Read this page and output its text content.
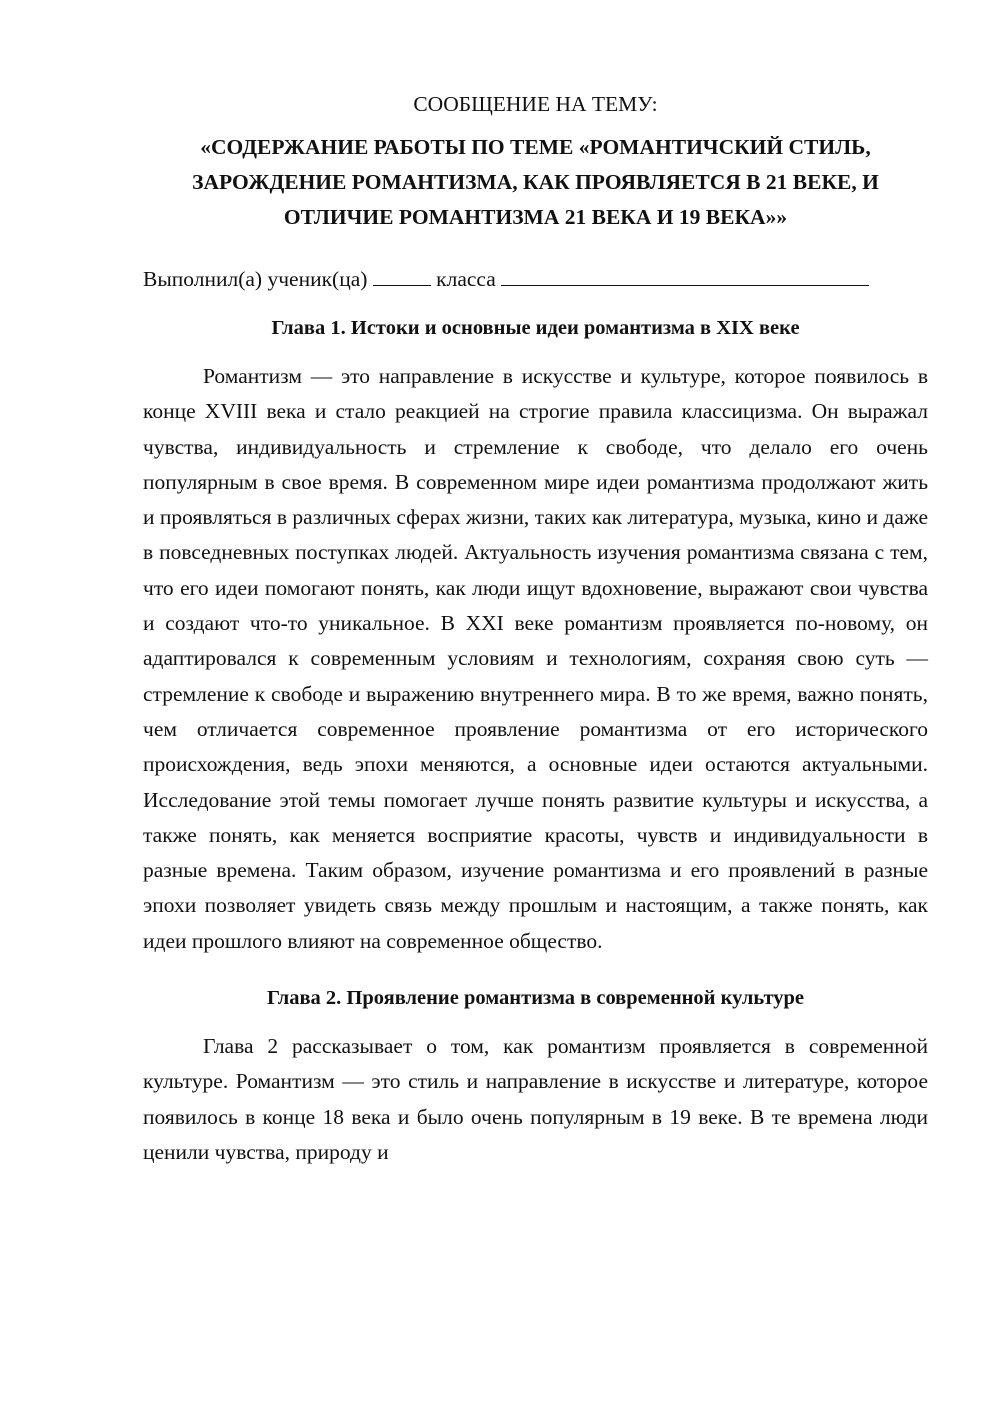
СООБЩЕНИЕ НА ТЕМУ:

«СОДЕРЖАНИЕ РАБОТЫ ПО ТЕМЕ «РОМАНТИЧСКИЙ СТИЛЬ,
ЗАРОЖДЕНИЕ РОМАНТИЗМА, КАК ПРОЯВЛЯЕТСЯ В 21 ВЕКЕ, И
ОТЛИЧИЕ РОМАНТИЗМА 21 ВЕКА И 19 ВЕКА»»

Выполнил(а) ученик(ца)	класса

Глава 1. Истоки и основные идеи романтизма в XIX веке

Романтизм — это направление в искусстве и культуре, которое появилось в конце XVIII века и стало реакцией на строгие правила классицизма. Он выражал чувства, индивидуальность и стремление к свободе, что делало его очень популярным в свое время. В современном мире идеи романтизма продолжают жить и проявляться в различных сферах жизни, таких как литература, музыка, кино и даже в повседневных поступках людей. Актуальность изучения романтизма связана с тем, что его идеи помогают понять, как люди ищут вдохновение, выражают свои чувства и создают что-то уникальное. В XXI веке романтизм проявляется по-новому, он адаптировался к современным условиям и технологиям, сохраняя свою суть — стремление к свободе и выражению внутреннего мира. В то же время, важно понять, чем отличается современное проявление романтизма от его исторического происхождения, ведь эпохи меняются, а основные идеи остаются актуальными. Исследование этой темы помогает лучше понять развитие культуры и искусства, а также понять, как меняется восприятие красоты, чувств и индивидуальности в разные времена. Таким образом, изучение романтизма и его проявлений в разные эпохи позволяет увидеть связь между прошлым и настоящим, а также понять, как идеи прошлого влияют на современное общество.

Глава 2. Проявление романтизма в современной культуре

Глава 2 рассказывает о том, как романтизм проявляется в современной культуре. Романтизм — это стиль и направление в искусстве и литературе, которое появилось в конце 18 века и было очень популярным в 19 веке. В те времена люди ценили чувства, природу и
